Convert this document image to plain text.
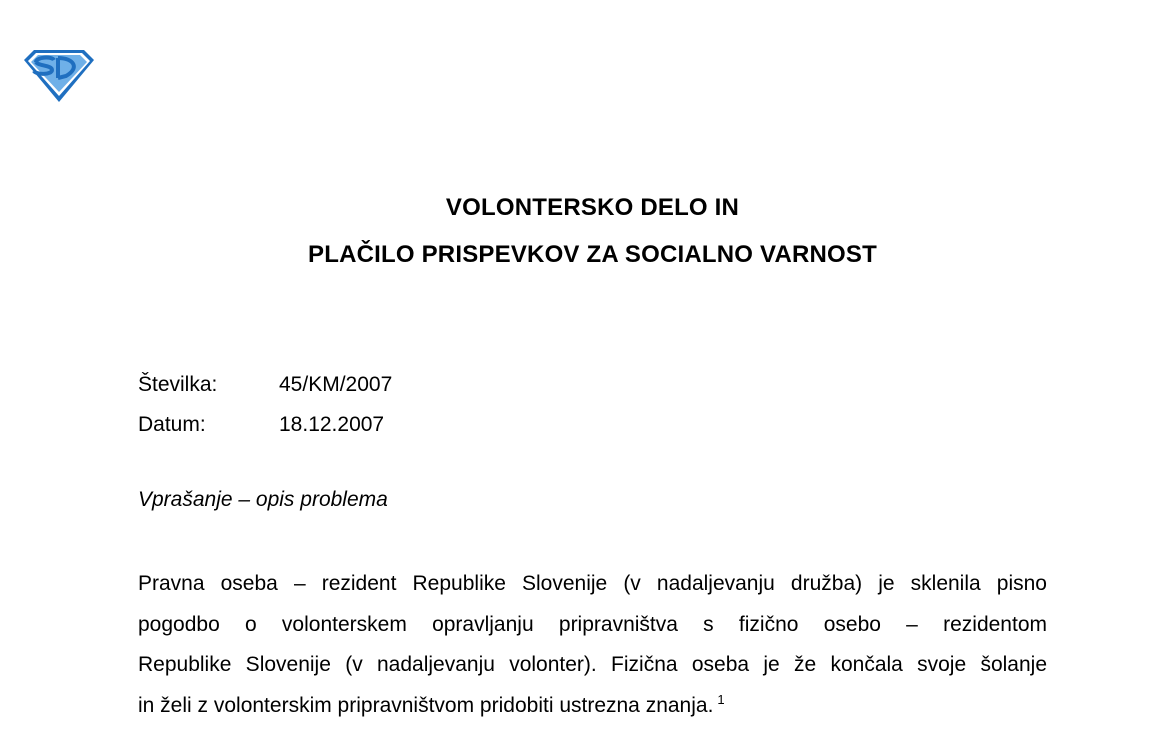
VOLONTERSKO DELO IN
PLAČILO PRISPEVKOV ZA SOCIALNO VARNOST
Številka:	45/KM/2007
Datum:	18.12.2007
Vprašanje – opis problema
Pravna oseba – rezident Republike Slovenije (v nadaljevanju družba) je sklenila pisno
pogodbo o volonterskem opravljanju pripravništva s fizično osebo – rezidentom
Republike Slovenije (v nadaljevanju volonter). Fizična oseba je že končala svoje šolanje
in želi z volonterskim pripravništvom pridobiti ustrezna znanja. $^1$
